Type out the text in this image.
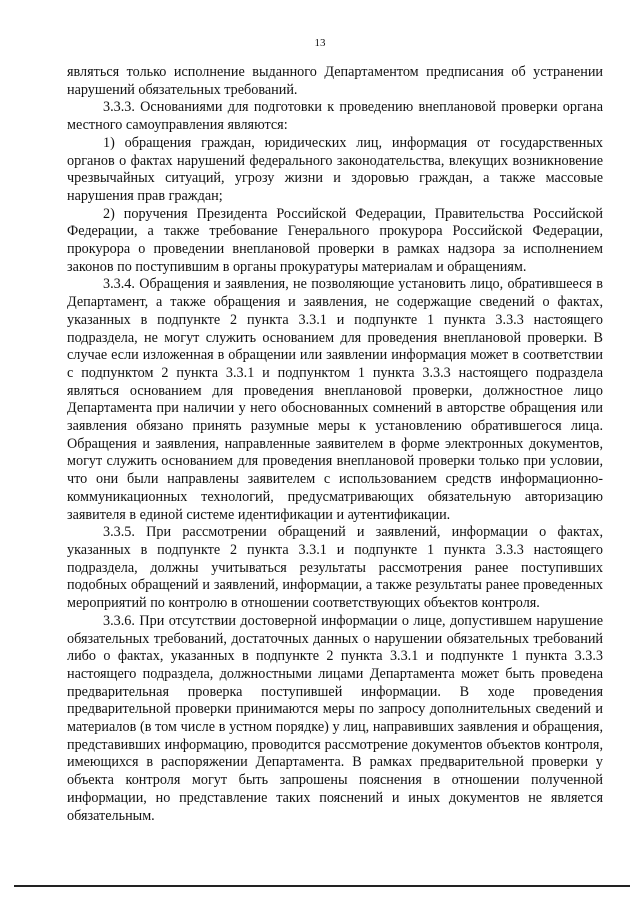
13

являться только исполнение выданного Департаментом предписания об устранении нарушений обязательных требований.

3.3.3. Основаниями для подготовки к проведению внеплановой проверки органа местного самоуправления являются:

1) обращения граждан, юридических лиц, информация от государственных органов о фактах нарушений федерального законодательства, влекущих возникновение чрезвычайных ситуаций, угрозу жизни и здоровью граждан, а также массовые нарушения прав граждан;

2) поручения Президента Российской Федерации, Правительства Российской Федерации, а также требование Генерального прокурора Российской Федерации, прокурора о проведении внеплановой проверки в рамках надзора за исполнением законов по поступившим в органы прокуратуры материалам и обращениям.

3.3.4. Обращения и заявления, не позволяющие установить лицо, обратившееся в Департамент, а также обращения и заявления, не содержащие сведений о фактах, указанных в подпункте 2 пункта 3.3.1 и подпункте 1 пункта 3.3.3 настоящего подраздела, не могут служить основанием для проведения внеплановой проверки. В случае если изложенная в обращении или заявлении информация может в соответствии с подпунктом 2 пункта 3.3.1 и подпунктом 1 пункта 3.3.3 настоящего подраздела являться основанием для проведения внеплановой проверки, должностное лицо Департамента при наличии у него обоснованных сомнений в авторстве обращения или заявления обязано принять разумные меры к установлению обратившегося лица. Обращения и заявления, направленные заявителем в форме электронных документов, могут служить основанием для проведения внеплановой проверки только при условии, что они были направлены заявителем с использованием средств информационно-коммуникационных технологий, предусматривающих обязательную авторизацию заявителя в единой системе идентификации и аутентификации.

3.3.5. При рассмотрении обращений и заявлений, информации о фактах, указанных в подпункте 2 пункта 3.3.1 и подпункте 1 пункта 3.3.3 настоящего подраздела, должны учитываться результаты рассмотрения ранее поступивших подобных обращений и заявлений, информации, а также результаты ранее проведенных мероприятий по контролю в отношении соответствующих объектов контроля.

3.3.6. При отсутствии достоверной информации о лице, допустившем нарушение обязательных требований, достаточных данных о нарушении обязательных требований либо о фактах, указанных в подпункте 2 пункта 3.3.1 и подпункте 1 пункта 3.3.3 настоящего подраздела, должностными лицами Департамента может быть проведена предварительная проверка поступившей информации. В ходе проведения предварительной проверки принимаются меры по запросу дополнительных сведений и материалов (в том числе в устном порядке) у лиц, направивших заявления и обращения, представивших информацию, проводится рассмотрение документов объектов контроля, имеющихся в распоряжении Департамента. В рамках предварительной проверки у объекта контроля могут быть запрошены пояснения в отношении полученной информации, но представление таких пояснений и иных документов не является обязательным.
